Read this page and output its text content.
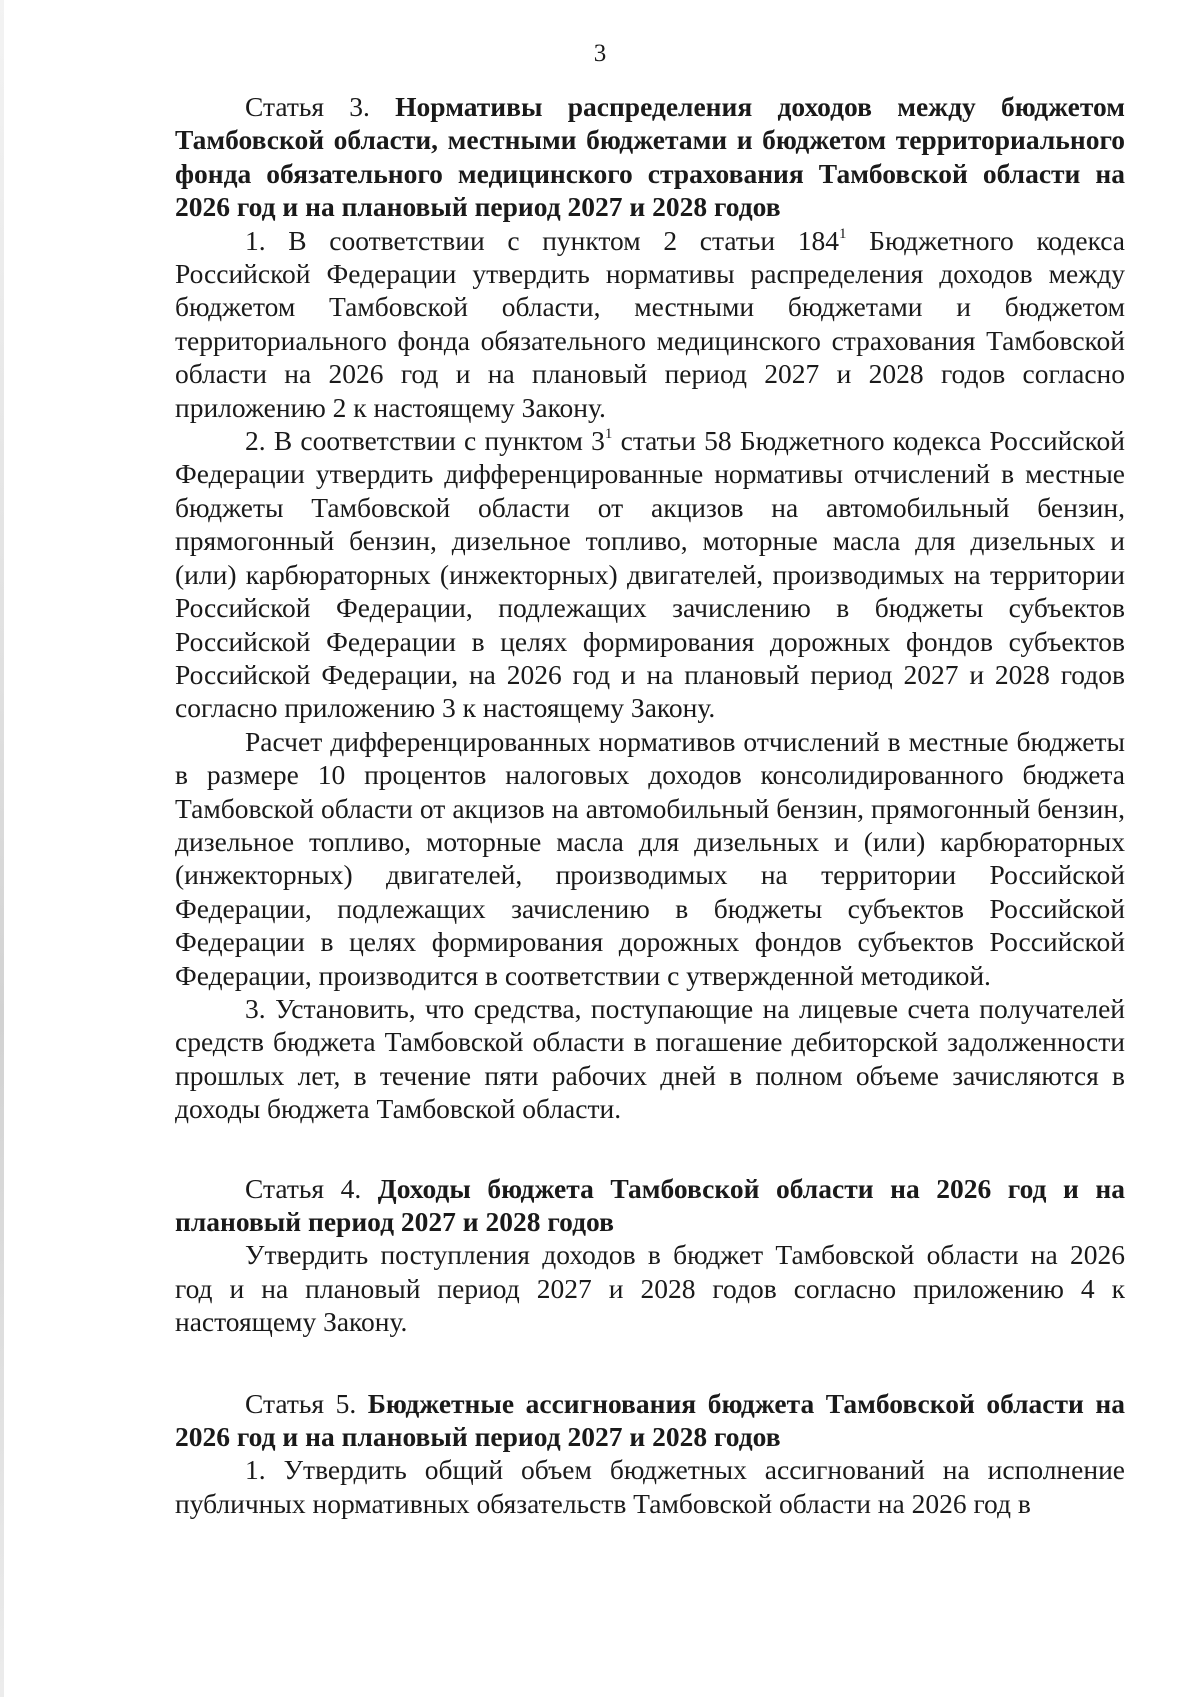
3

Статья 3. Нормативы распределения доходов между бюджетом Тамбовской области, местными бюджетами и бюджетом территориального фонда обязательного медицинского страхования Тамбовской области на 2026 год и на плановый период 2027 и 2028 годов

1. В соответствии с пунктом 2 статьи $184^1$ Бюджетного кодекса Российской Федерации утвердить нормативы распределения доходов между бюджетом Тамбовской области, местными бюджетами и бюджетом территориального фонда обязательного медицинского страхования Тамбовской области на 2026 год и на плановый период 2027 и 2028 годов согласно приложению 2 к настоящему Закону.

2. В соответствии с пунктом $3^1$ статьи 58 Бюджетного кодекса Российской Федерации утвердить дифференцированные нормативы отчислений в местные бюджеты Тамбовской области от акцизов на автомобильный бензин, прямогонный бензин, дизельное топливо, моторные масла для дизельных и (или) карбюраторных (инжекторных) двигателей, производимых на территории Российской Федерации, подлежащих зачислению в бюджеты субъектов Российской Федерации в целях формирования дорожных фондов субъектов Российской Федерации, на 2026 год и на плановый период 2027 и 2028 годов согласно приложению 3 к настоящему Закону.

Расчет дифференцированных нормативов отчислений в местные бюджеты в размере 10 процентов налоговых доходов консолидированного бюджета Тамбовской области от акцизов на автомобильный бензин, прямогонный бензин, дизельное топливо, моторные масла для дизельных и (или) карбюраторных (инжекторных) двигателей, производимых на территории Российской Федерации, подлежащих зачислению в бюджеты субъектов Российской Федерации в целях формирования дорожных фондов субъектов Российской Федерации, производится в соответствии с утвержденной методикой.

3. Установить, что средства, поступающие на лицевые счета получателей средств бюджета Тамбовской области в погашение дебиторской задолженности прошлых лет, в течение пяти рабочих дней в полном объеме зачисляются в доходы бюджета Тамбовской области.

Статья 4. Доходы бюджета Тамбовской области на 2026 год и на плановый период 2027 и 2028 годов

Утвердить поступления доходов в бюджет Тамбовской области на 2026 год и на плановый период 2027 и 2028 годов согласно приложению 4 к настоящему Закону.

Статья 5. Бюджетные ассигнования бюджета Тамбовской области на 2026 год и на плановый период 2027 и 2028 годов

1. Утвердить общий объем бюджетных ассигнований на исполнение публичных нормативных обязательств Тамбовской области на 2026 год в
